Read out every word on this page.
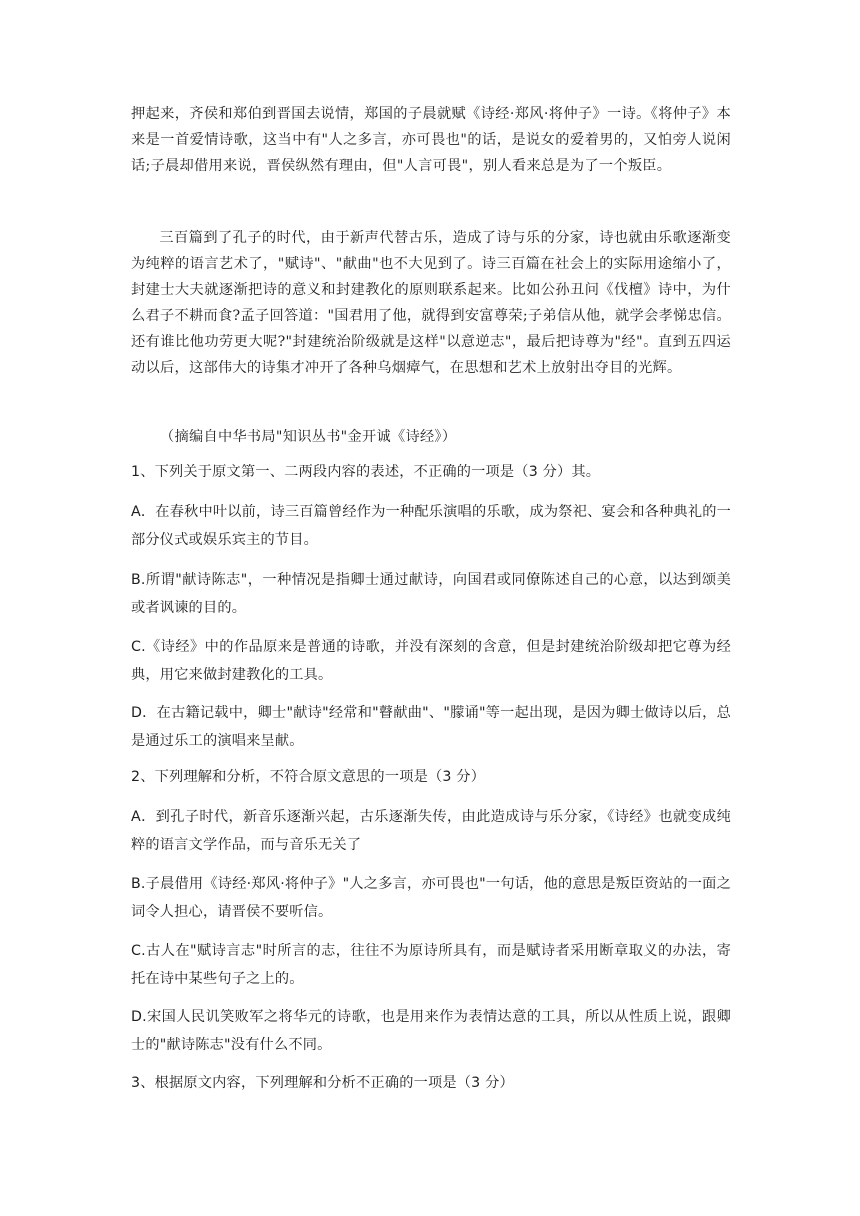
押起来，齐侯和郑伯到晋国去说情，郑国的子晨就赋《诗经·郑风·将仲子》一诗。《将仲子》本来是一首爱情诗歌，这当中有"人之多言，亦可畏也"的话，是说女的爱着男的，又怕旁人说闲话;子晨却借用来说，晋侯纵然有理由，但"人言可畏"，别人看来总是为了一个叛臣。

三百篇到了孔子的时代，由于新声代替古乐，造成了诗与乐的分家，诗也就由乐歌逐渐变为纯粹的语言艺术了，"赋诗"、"献曲"也不大见到了。诗三百篇在社会上的实际用途缩小了，封建士大夫就逐渐把诗的意义和封建教化的原则联系起来。比如公孙丑问《伐檀》诗中，为什么君子不耕而食?孟子回答道："国君用了他，就得到安富尊荣;子弟信从他，就学会孝悌忠信。还有谁比他功劳更大呢?"封建统治阶级就是这样"以意逆志"，最后把诗尊为"经"。直到五四运动以后，这部伟大的诗集才冲开了各种乌烟瘴气，在思想和艺术上放射出夺目的光辉。

（摘编自中华书局"知识丛书"金开诚《诗经》）

1、下列关于原文第一、二两段内容的表述，不正确的一项是（3 分）其。

A．在春秋中叶以前，诗三百篇曾经作为一种配乐演唱的乐歌，成为祭祀、宴会和各种典礼的一部分仪式或娱乐宾主的节目。

B.所谓"献诗陈志"，一种情况是指卿士通过献诗，向国君或同僚陈述自己的心意，以达到颂美或者讽谏的目的。

C.《诗经》中的作品原来是普通的诗歌，并没有深刻的含意，但是封建统治阶级却把它尊为经典，用它来做封建教化的工具。

D．在古籍记载中，卿士"献诗"经常和"瞽献曲"、"朦诵"等一起出现，是因为卿士做诗以后，总是通过乐工的演唱来呈献。

2、下列理解和分析，不符合原文意思的一项是（3 分）

A．到孔子时代，新音乐逐渐兴起，古乐逐渐失传，由此造成诗与乐分家，《诗经》也就变成纯粹的语言文学作品，而与音乐无关了

B.子晨借用《诗经·郑风·将仲子》"人之多言，亦可畏也"一句话，他的意思是叛臣资站的一面之词令人担心，请晋侯不要听信。

C.古人在"赋诗言志"时所言的志，往往不为原诗所具有，而是赋诗者采用断章取义的办法，寄托在诗中某些句子之上的。

D.宋国人民讥笑败军之将华元的诗歌，也是用来作为表情达意的工具，所以从性质上说，跟卿士的"献诗陈志"没有什么不同。

3、根据原文内容，下列理解和分析不正确的一项是（3 分）
